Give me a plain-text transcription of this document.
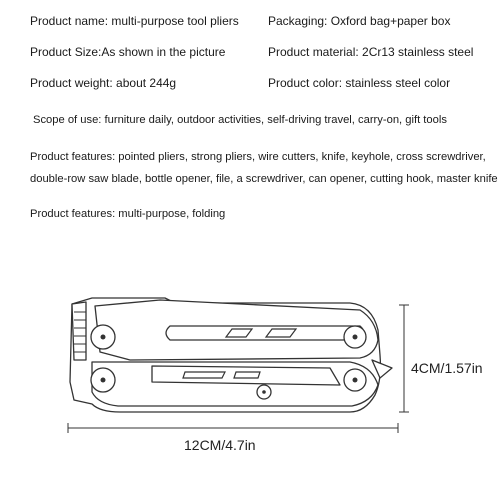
Product name: multi-purpose tool pliers Packaging: Oxford bag+paper box
Product Size:As shown in the picture	Product material: 2Cr13 stainless steel
Product weight: about 244g	Product color: stainless steel color
Scope of use: furniture daily, outdoor activities, self-driving travel, carry-on, gift tools
Product features: pointed pliers, strong pliers, wire cutters, knife, keyhole, cross screwdriver,
double-row saw blade, bottle opener, file, a screwdriver, can opener, cutting hook, master knife
Product features: multi-purpose, folding
4CM/1.57in
12CM/4.7in
